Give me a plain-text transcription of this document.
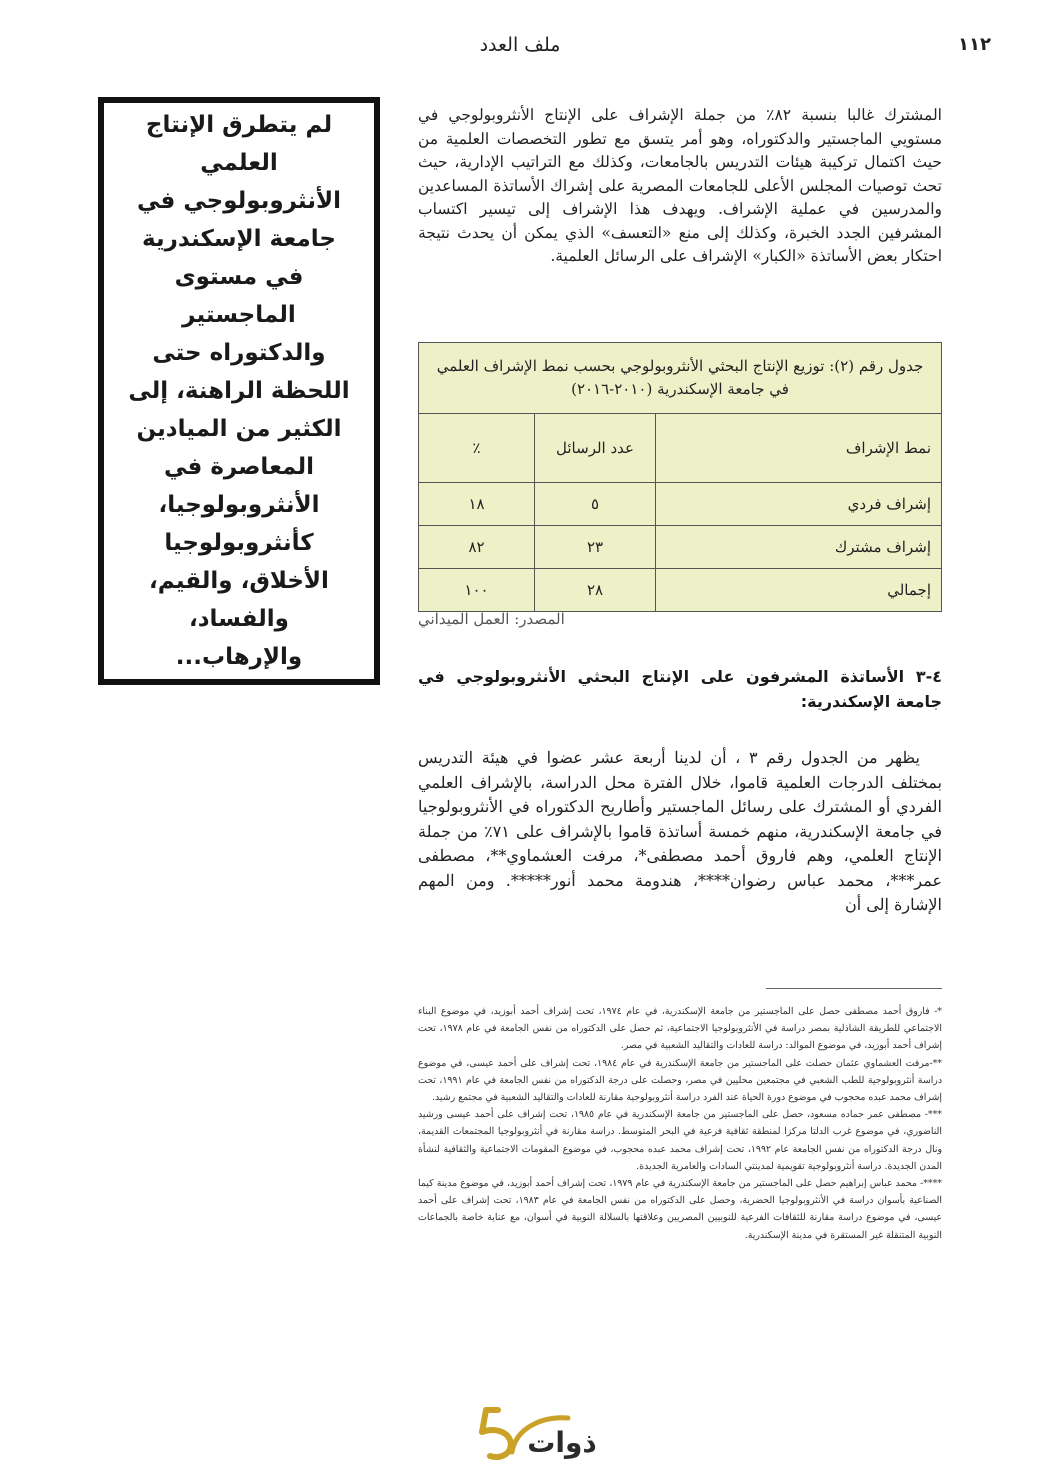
١١٢
ملف العدد
لم يتطرق الإنتاج العلمي الأنثروبولوجي في جامعة الإسكندرية في مستوى الماجستير والدكتوراه حتى اللحظة الراهنة، إلى الكثير من الميادين المعاصرة في الأنثروبولوجيا، كأنثروبولوجيا الأخلاق، والقيم، والفساد، والإرهاب...
المشترك غالبا بنسبة ٨٢٪ من جملة الإشراف على الإنتاج الأنثروبولوجي في مستويي الماجستير والدكتوراه، وهو أمر يتسق مع تطور التخصصات العلمية من حيث اكتمال تركيبة هيئات التدريس بالجامعات، وكذلك مع التراتيب الإدارية، حيث تحث توصيات المجلس الأعلى للجامعات المصرية على إشراك الأساتذة المساعدين والمدرسين في عملية الإشراف. ويهدف هذا الإشراف إلى تيسير اكتساب المشرفين الجدد الخبرة، وكذلك إلى منع «التعسف» الذي يمكن أن يحدث نتيجة احتكار بعض الأساتذة «الكبار» الإشراف على الرسائل العلمية.
جدول رقم (٢): توزيع الإنتاج البحثي الأنثروبولوجي بحسب نمط الإشراف العلمي في جامعة الإسكندرية (٢٠١٠-٢٠١٦)		
نمط الإشراف	عدد الرسائل	٪
إشراف فردي	٥	١٨
إشراف مشترك	٢٣	٨٢
إجمالي	٢٨	١٠٠
المصدر: العمل الميداني
٤-٣ الأساتذة المشرفون على الإنتاج البحثي الأنثروبولوجي في جامعة الإسكندرية:
يظهر من الجدول رقم ٣ ، أن لدينا أربعة عشر عضوا في هيئة التدريس بمختلف الدرجات العلمية قاموا، خلال الفترة محل الدراسة، بالإشراف العلمي الفردي أو المشترك على رسائل الماجستير وأطاريح الدكتوراه في الأنثروبولوجيا في جامعة الإسكندرية، منهم خمسة أساتذة قاموا بالإشراف على ٧١٪ من جملة الإنتاج العلمي، وهم فاروق أحمد مصطفى*، مرفت العشماوي**، مصطفى عمر***، محمد عباس رضوان****، هندومة محمد أنور*****. ومن المهم الإشارة إلى أن

*- فاروق أحمد مصطفى حصل على الماجستير من جامعة الإسكندرية، في عام ١٩٧٤، تحت إشراف أحمد أبوزيد، في موضوع البناء الاجتماعي للطريقة الشاذلية بمصر دراسة في الأنثروبولوجيا الاجتماعية، ثم حصل على الدكتوراه من نفس الجامعة في عام ١٩٧٨، تحت إشراف أحمد أبوزيد، في موضوع الموالد: دراسة للعادات والتقاليد الشعبية في مصر.

**-مرفت العشماوي عثمان حصلت على الماجستير من جامعة الإسكندرية في عام ١٩٨٤، تحت إشراف على أحمد عيسى، في موضوع دراسة أنثروبولوجية للطب الشعبي في مجتمعين محليين في مصر، وحصلت على درجة الدكتوراه من نفس الجامعة في عام ١٩٩١، تحت إشراف محمد عبده محجوب في موضوع دورة الحياة عند الفرد دراسة أنثروبولوجية مقارنة للعادات والتقاليد الشعبية في مجتمع رشيد.

***- مصطفى عمر حماده مسعود، حصل على الماجستير من جامعة الإسكندرية في عام ١٩٨٥، تحت إشراف على أحمد عيسى ورشيد الناضوري، في موضوع غرب الدلتا مركزا لمنطقة ثقافية فرعية في البحر المتوسط. دراسة مقارنة في أنثروبولوجيا المجتمعات القديمة، ونال درجة الدكتوراه من نفس الجامعة عام ١٩٩٢، تحت إشراف محمد عبده محجوب، في موضوع المقومات الاجتماعية والثقافية لنشأة المدن الجديدة. دراسة أنثروبولوجية تقويمية لمدينتي السادات والعامرية الجديدة.

****- محمد عباس إبراهيم حصل على الماجستير من جامعة الإسكندرية في عام ١٩٧٩، تحت إشراف أحمد أبوزيد، في موضوع مدينة كيما الصناعية بأسوان دراسة في الأنثروبولوجيا الحضرية، وحصل على الدكتوراه من نفس الجامعة في عام ١٩٨٣، تحت إشراف على أحمد عيسى، في موضوع دراسة مقارنة للثقافات الفرعية للنوبيين المصريين وعلاقتها بالسلالة النوبية في أسوان، مع عناية خاصة بالجماعات النوبية المتنقلة غير المستقرة في مدينة الإسكندرية.

ذوات
